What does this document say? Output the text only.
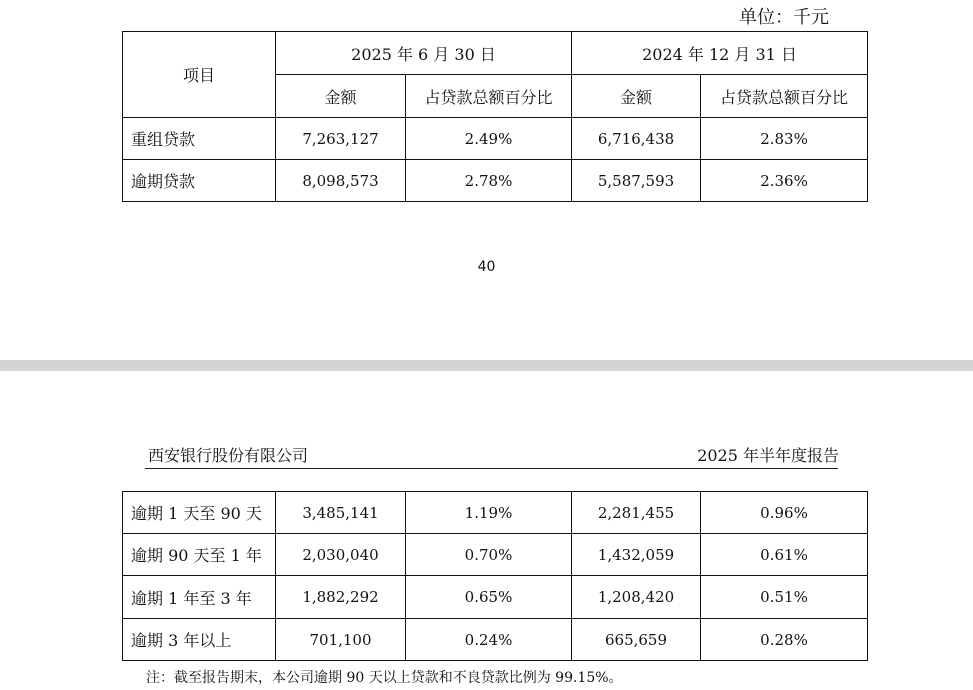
单位：千元
项目	2025 年 6 月 30 日		2024 年 12 月 31 日	
	金额	占贷款总额百分比	金额	占贷款总额百分比
重组贷款	7,263,127	2.49%	6,716,438	2.83%
逾期贷款	8,098,573	2.78%	5,587,593	2.36%
40
西安银行股份有限公司	2025 年半年度报告
逾期 1 天至 90 天	3,485,141	1.19%	2,281,455	0.96%
逾期 90 天至 1 年	2,030,040	0.70%	1,432,059	0.61%
逾期 1 年至 3 年	1,882,292	0.65%	1,208,420	0.51%
逾期 3 年以上	701,100	0.24%	665,659	0.28%
注：截至报告期末，本公司逾期 90 天以上贷款和不良贷款比例为 99.15%。
